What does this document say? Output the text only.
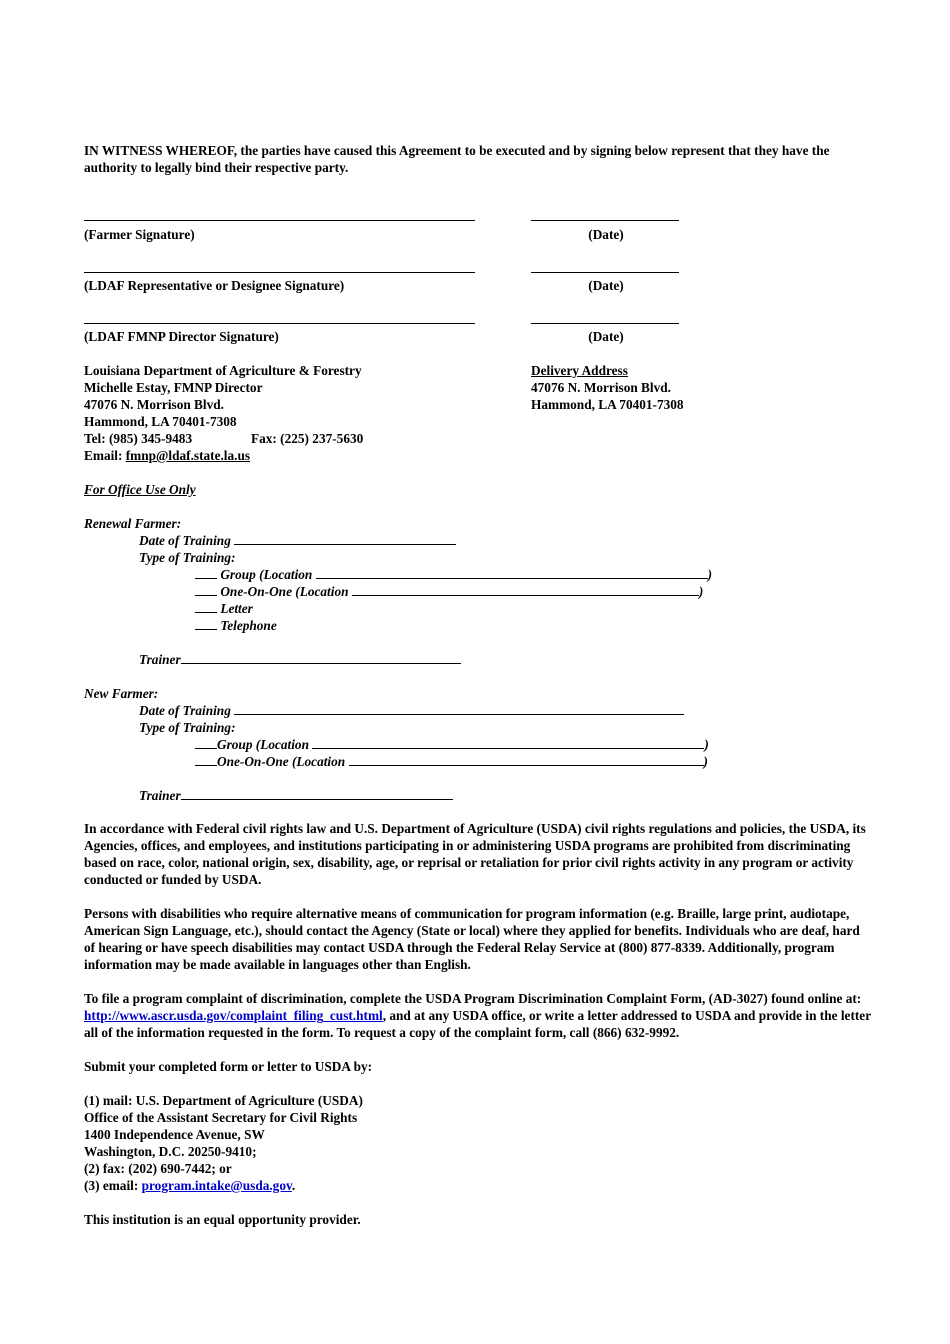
IN WITNESS WHEREOF, the parties have caused this Agreement to be executed and by signing below represent that they have the authority to legally bind their respective party.
(Farmer Signature)	(Date)
(LDAF Representative or Designee Signature)	(Date)
(LDAF FMNP Director Signature)	(Date)
Louisiana Department of Agriculture & Forestry
Michelle Estay, FMNP Director
47076 N. Morrison Blvd.
Hammond, LA 70401-7308
Tel: (985) 345-9483	Fax: (225) 237-5630
Email: fmnp@ldaf.state.la.us
Delivery Address
47076 N. Morrison Blvd.
Hammond, LA 70401-7308
For Office Use Only
Renewal Farmer:
Date of Training
Type of Training:
Group (Location	)
One-On-One (Location	)
Letter
Telephone
Trainer
New Farmer:
Date of Training
Type of Training:
Group (Location	)
One-On-One (Location	)
Trainer
In accordance with Federal civil rights law and U.S. Department of Agriculture (USDA) civil rights regulations and policies, the USDA, its Agencies, offices, and employees, and institutions participating in or administering USDA programs are prohibited from discriminating based on race, color, national origin, sex, disability, age, or reprisal or retaliation for prior civil rights activity in any program or activity conducted or funded by USDA.
Persons with disabilities who require alternative means of communication for program information (e.g. Braille, large print, audiotape, American Sign Language, etc.), should contact the Agency (State or local) where they applied for benefits. Individuals who are deaf, hard of hearing or have speech disabilities may contact USDA through the Federal Relay Service at (800) 877-8339. Additionally, program information may be made available in languages other than English.
To file a program complaint of discrimination, complete the USDA Program Discrimination Complaint Form, (AD-3027) found online at: http://www.ascr.usda.gov/complaint_filing_cust.html, and at any USDA office, or write a letter addressed to USDA and provide in the letter all of the information requested in the form. To request a copy of the complaint form, call (866) 632-9992.
Submit your completed form or letter to USDA by:
(1) mail: U.S. Department of Agriculture (USDA)
Office of the Assistant Secretary for Civil Rights
1400 Independence Avenue, SW
Washington, D.C. 20250-9410;
(2) fax: (202) 690-7442; or
(3) email: program.intake@usda.gov.
This institution is an equal opportunity provider.
